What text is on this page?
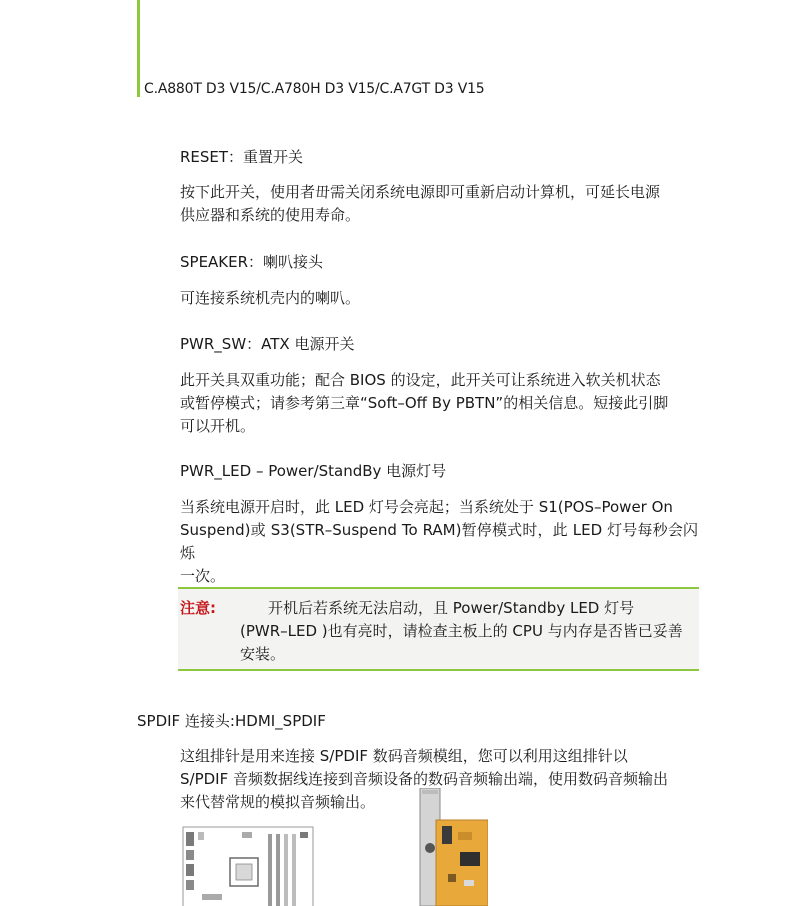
C.A880T D3 V15/C.A780H D3 V15/C.A7GT D3 V15
RESET：重置开关

按下此开关，使用者毌需关闭系统电源即可重新启动计算机，可延长电源

供应器和系统的使用寿命。

SPEAKER：喇叭接头

可连接系统机壳内的喇叭。

PWR_SW：ATX 电源开关

此开关具双重功能；配合 BIOS 的设定，此开关可让系统进入软关机状态

或暂停模式；请参考第三章“Soft–Off By PBTN”的相关信息。短接此引脚

可以开机。

PWR_LED – Power/StandBy 电源灯号

当系统电源开启时，此 LED 灯号会亮起；当系统处于 S1(POS–Power On

Suspend)或 S3(STR–Suspend To RAM)暂停模式时，此 LED 灯号每秒会闪烁

一次。

注意:	开机后若系统无法启动，且 Power/Standby LED 灯号
(PWR–LED )也有亮时，请检查主板上的 CPU 与内存是否皆已妥善
安装。
SPDIF 连接头:HDMI_SPDIF

这组排针是用来连接 S/PDIF 数码音频模组，您可以利用这组排针以

S/PDIF 音频数据线连接到音频设备的数码音频输出端，使用数码音频输出

来代替常规的模拟音频输出。
